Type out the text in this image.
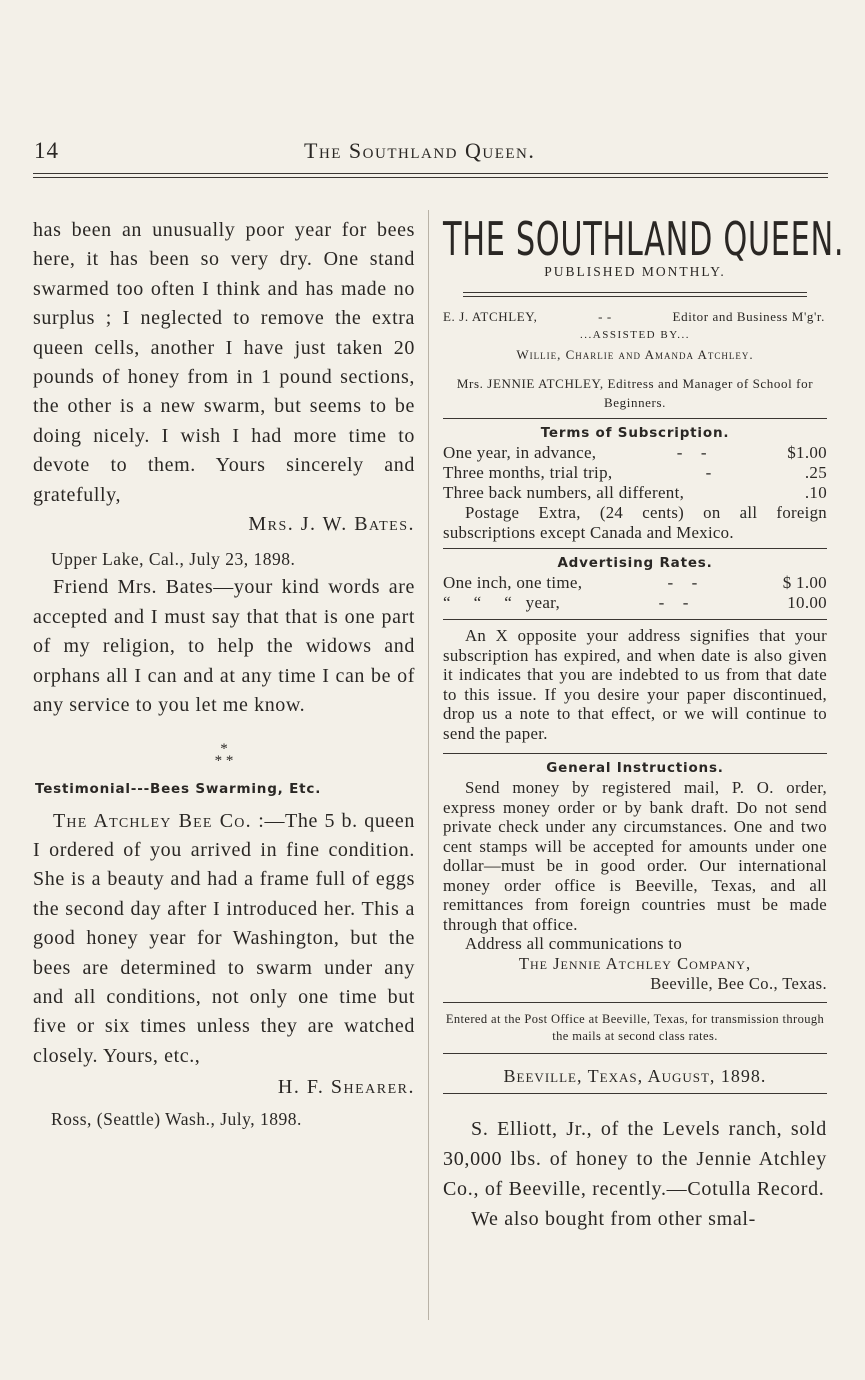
14	The Southland Queen.
has been an unusually poor year for bees here, it has been so very dry. One stand swarmed too often I think and has made no surplus ; I neglected to remove the extra queen cells, another I have just taken 20 pounds of honey from in 1 pound sections, the other is a new swarm, but seems to be doing nicely. I wish I had more time to devote to them. Yours sincerely and gratefully,
Mrs. J. W. Bates.
Upper Lake, Cal., July 23, 1898.
Friend Mrs. Bates—your kind words are accepted and I must say that that is one part of my religion, to help the widows and orphans all I can and at any time I can be of any service to you let me know.
*
* *
Testimonial---Bees Swarming, Etc.
The Atchley Bee Co. :—The 5 b. queen I ordered of you arrived in fine condition. She is a beauty and had a frame full of eggs the second day after I introduced her. This a good honey year for Washington, but the bees are determined to swarm under any and all conditions, not only one time but five or six times unless they are watched closely. Yours, etc.,
H. F. Shearer.
Ross, (Seattle) Wash., July, 1898.
THE SOUTHLAND QUEEN.
PUBLISHED MONTHLY.
E. J. ATCHLEY,	- -	Editor and Business M'g'r.
...ASSISTED BY...
Willie, Charlie and Amanda Atchley.
Mrs. JENNIE ATCHLEY, Editress and Manager of School for Beginners.
Terms of Subscription.
One year, in advance,	-    -	$1.00
Three months, trial trip,	-	.25
Three back numbers, all different,	.10
Postage Extra, (24 cents) on all foreign subscriptions except Canada and Mexico.
Advertising Rates.
One inch, one time,	-    -	$ 1.00
“     “     “   year,	-    -	10.00
An X opposite your address signifies that your subscription has expired, and when date is also given it indicates that you are indebted to us from that date to this issue. If you desire your paper discontinued, drop us a note to that effect, or we will continue to send the paper.
General Instructions.
Send money by registered mail, P. O. order, express money order or by bank draft. Do not send private check under any circumstances. One and two cent stamps will be accepted for amounts under one dollar—must be in good order. Our international money order office is Beeville, Texas, and all remittances from foreign countries must be made through that office.
Address all communications to
The Jennie Atchley Company,
Beeville, Bee Co., Texas.
Entered at the Post Office at Beeville, Texas, for transmission through the mails at second class rates.
Beeville, Texas, August, 1898.
S. Elliott, Jr., of the Levels ranch, sold 30,000 lbs. of honey to the Jennie Atchley Co., of Beeville, recently.—Cotulla Record.
We also bought from other smal-
